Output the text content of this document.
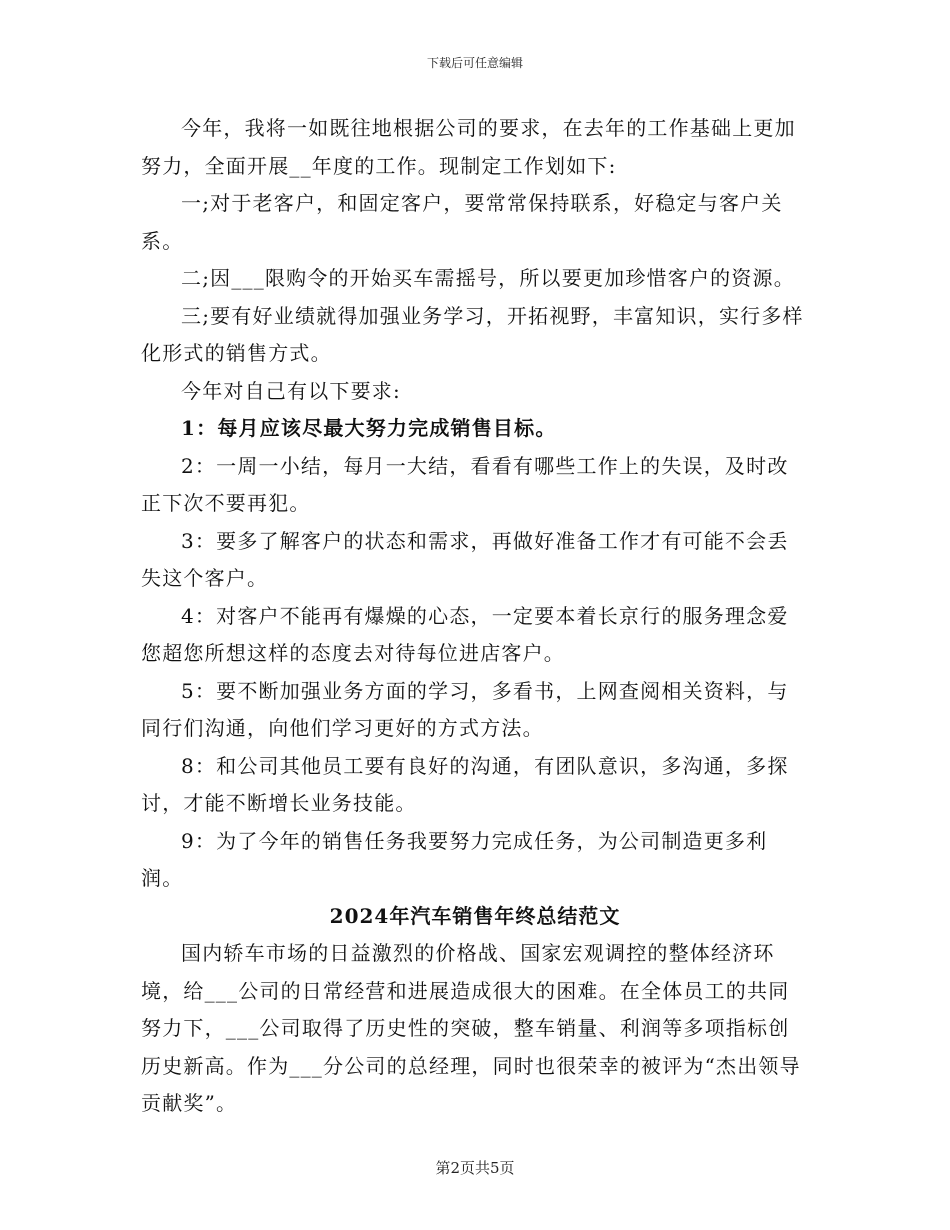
下载后可任意编辑

今年，我将一如既往地根据公司的要求，在去年的工作基础上更加努力，全面开展__年度的工作。现制定工作划如下:

一;对于老客户，和固定客户，要常常保持联系，好稳定与客户关系。

二;因___限购令的开始买车需摇号，所以要更加珍惜客户的资源。

三;要有好业绩就得加强业务学习，开拓视野，丰富知识，实行多样化形式的销售方式。

今年对自己有以下要求:

1：每月应该尽最大努力完成销售目标。

2：一周一小结，每月一大结，看看有哪些工作上的失误，及时改正下次不要再犯。

3：要多了解客户的状态和需求，再做好准备工作才有可能不会丢失这个客户。

4：对客户不能再有爆燥的心态，一定要本着长京行的服务理念爱您超您所想这样的态度去对待每位进店客户。

5：要不断加强业务方面的学习，多看书，上网查阅相关资料，与同行们沟通，向他们学习更好的方式方法。

8：和公司其他员工要有良好的沟通，有团队意识，多沟通，多探讨，才能不断增长业务技能。

9：为了今年的销售任务我要努力完成任务，为公司制造更多利润。

2024年汽车销售年终总结范文

国内轿车市场的日益激烈的价格战、国家宏观调控的整体经济环境，给___公司的日常经营和进展造成很大的困难。在全体员工的共同努力下，___公司取得了历史性的突破，整车销量、利润等多项指标创历史新高。作为___分公司的总经理，同时也很荣幸的被评为“杰出领导贡献奖”。

第2页共5页
